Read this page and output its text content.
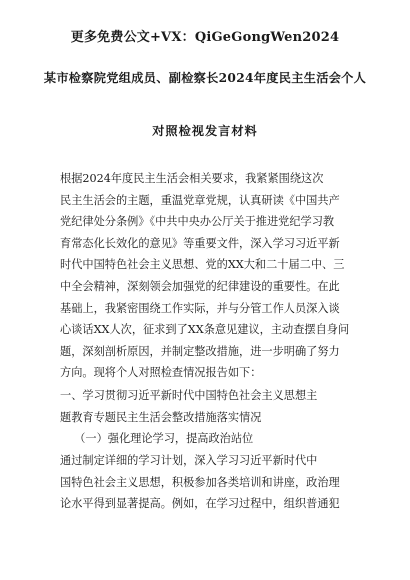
更多免费公文+VX：QiGeGongWen2024
某市检察院党组成员、副检察长2024年度民主生活会个人
对照检视发言材料
根据2024年度民主生活会相关要求，我紧紧围绕这次
民主生活会的主题，重温党章党规，认真研读《中国共产
党纪律处分条例》《中共中央办公厅关于推进党纪学习教
育常态化长效化的意见》等重要文件，深入学习习近平新
时代中国特色社会主义思想、党的XX大和二十届二中、三
中全会精神，深刻领会加强党的纪律建设的重要性。在此
基础上，我紧密围绕工作实际，并与分管工作人员深入谈
心谈话XX人次，征求到了XX条意见建议，主动查摆自身问
题，深刻剖析原因，并制定整改措施，进一步明确了努力
方向。现将个人对照检查情况报告如下：
一、学习贯彻习近平新时代中国特色社会主义思想主
题教育专题民主生活会整改措施落实情况
（一）强化理论学习，提高政治站位
通过制定详细的学习计划，深入学习习近平新时代中
国特色社会主义思想，积极参加各类培训和讲座，政治理
论水平得到显著提高。例如，在学习过程中，组织普通犯
